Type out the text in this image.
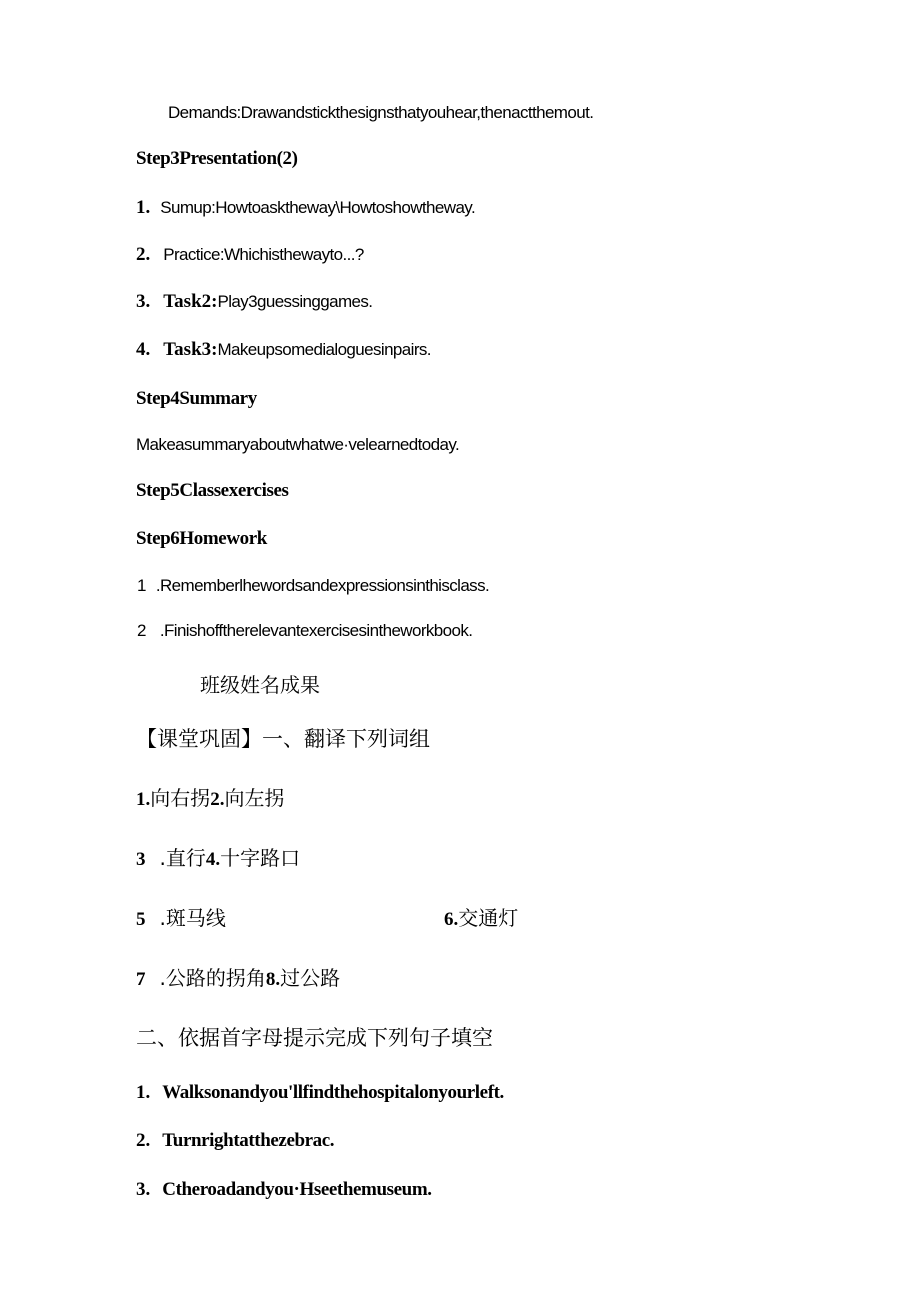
Demands:Drawandstickthesignsthatyouhear,thenactthemout.
Step3Presentation(2)
1. Sumup:Howtoasktheway\Howtoshowtheway.
2. Practice:Whichisthewayto...?
3. Task2:Play3guessinggames.
4. Task3:Makeupsomedialoguesinpairs.
Step4Summary
Makeasummaryaboutwhatwe·velearnedtoday.
Step5Classexercises
Step6Homework
1 .Rememberlhewordsandexpressionsinthisclass.
2 .Finishofftherelevantexercisesintheworkbook.
班级姓名成果
【课堂巩固】一、翻译下列词组
1.向右拐2.向左拐
3 .直行4.十字路口
5 .斑马线	6.交通灯
7 .公路的拐角8.过公路
二、依据首字母提示完成下列句子填空
1. Walksonandyou'llfindthehospitalonyourleft.
2. Turnrightatthezebrac.
3. Ctheroadandyou·Hseethemuseum.
